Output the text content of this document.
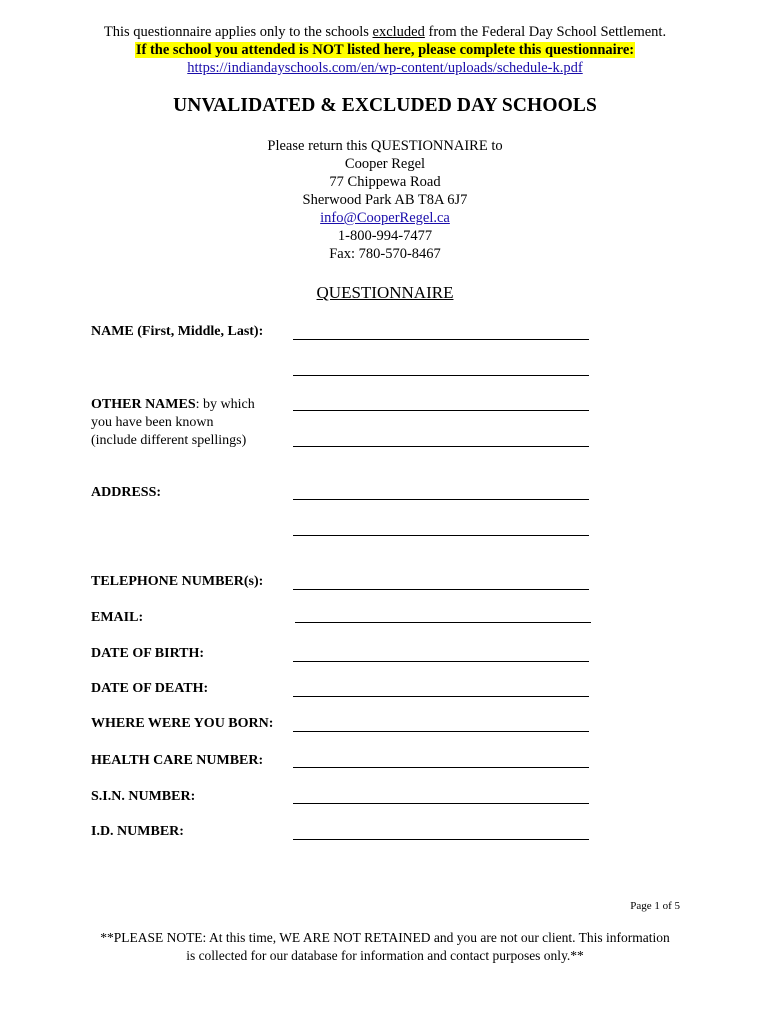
This questionnaire applies only to the schools excluded from the Federal Day School Settlement.
If the school you attended is NOT listed here, please complete this questionnaire:
https://indiandayschools.com/en/wp-content/uploads/schedule-k.pdf
UNVALIDATED & EXCLUDED DAY SCHOOLS
Please return this QUESTIONNAIRE to
Cooper Regel
77 Chippewa Road
Sherwood Park AB T8A 6J7
info@CooperRegel.ca
1-800-994-7477
Fax: 780-570-8467
QUESTIONNAIRE
NAME (First, Middle, Last):
OTHER NAMES: by which
you have been known
(include different spellings)
ADDRESS:
TELEPHONE NUMBER(s):
EMAIL:
DATE OF BIRTH:
DATE OF DEATH:
WHERE WERE YOU BORN:
HEALTH CARE NUMBER:
S.I.N. NUMBER:
I.D. NUMBER:
Page 1 of 5
**PLEASE NOTE: At this time, WE ARE NOT RETAINED and you are not our client. This information
is collected for our database for information and contact purposes only.**
